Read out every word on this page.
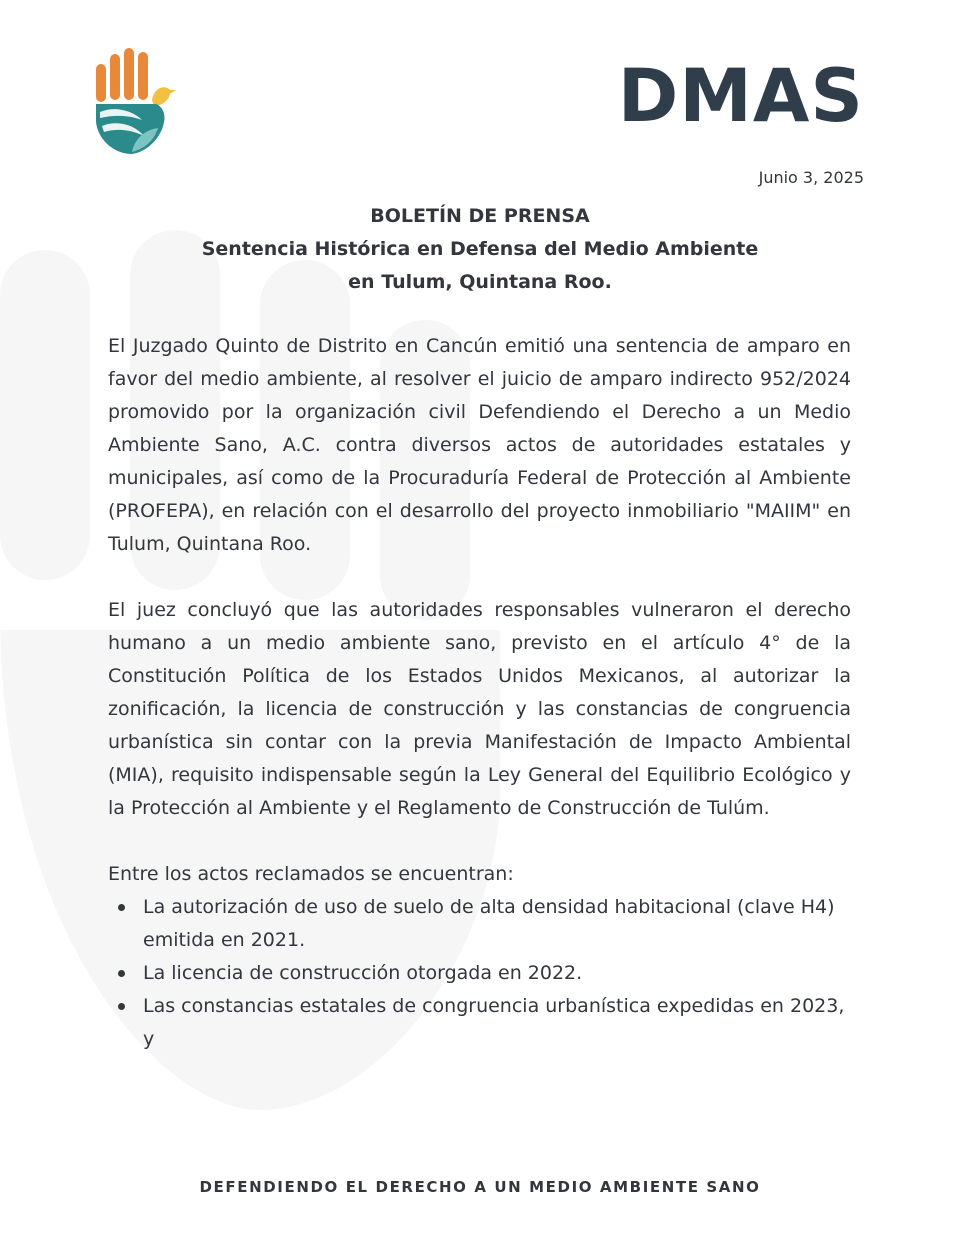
DMAS
Junio 3, 2025
BOLETÍN DE PRENSA
Sentencia Histórica en Defensa del Medio Ambiente
en Tulum, Quintana Roo.

El Juzgado Quinto de Distrito en Cancún emitió una sentencia de amparo en favor del medio ambiente, al resolver el juicio de amparo indirecto 952/2024 promovido por la organización civil Defendiendo el Derecho a un Medio Ambiente Sano, A.C. contra diversos actos de autoridades estatales y municipales, así como de la Procuraduría Federal de Protección al Ambiente (PROFEPA), en relación con el desarrollo del proyecto inmobiliario "MAIIM" en Tulum, Quintana Roo.

El juez concluyó que las autoridades responsables vulneraron el derecho humano a un medio ambiente sano, previsto en el artículo 4° de la Constitución Política de los Estados Unidos Mexicanos, al autorizar la zonificación, la licencia de construcción y las constancias de congruencia urbanística sin contar con la previa Manifestación de Impacto Ambiental (MIA), requisito indispensable según la Ley General del Equilibrio Ecológico y la Protección al Ambiente y el Reglamento de Construcción de Tulúm.

Entre los actos reclamados se encuentran:

La autorización de uso de suelo de alta densidad habitacional (clave H4) emitida en 2021.
La licencia de construcción otorgada en 2022.
Las constancias estatales de congruencia urbanística expedidas en 2023, y
DEFENDIENDO EL DERECHO A UN MEDIO AMBIENTE SANO
